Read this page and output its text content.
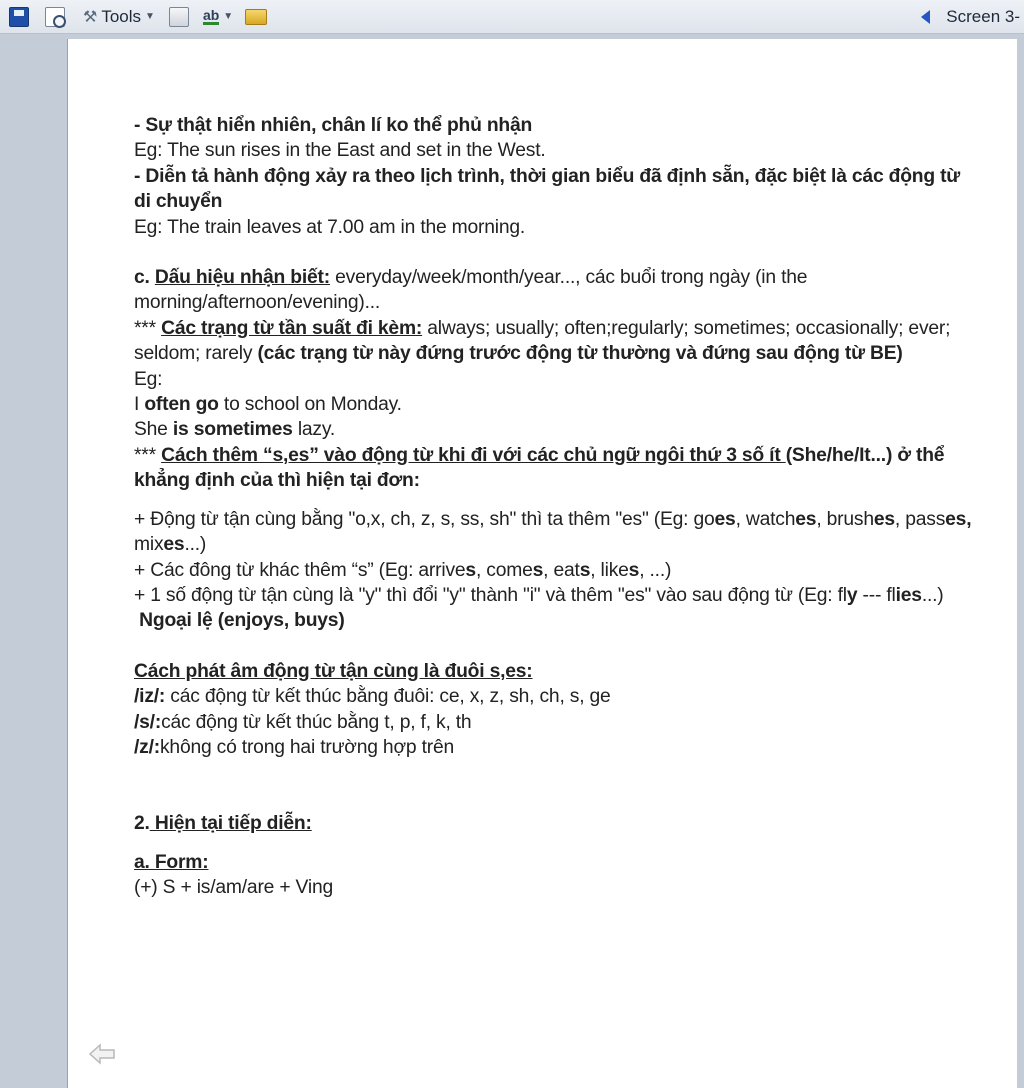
⚒ Tools ▼	ab ▼	Screen 3-

- Sự thật hiển nhiên, chân lí ko thể phủ nhận

Eg: The sun rises in the East and set in the West.

- Diễn tả hành động xảy ra theo lịch trình, thời gian biểu đã định sẵn, đặc biệt là các động từ di chuyển

Eg: The train leaves at 7.00 am in the morning.

c. Dấu hiệu nhận biết: everyday/week/month/year..., các buổi trong ngày (in the morning/afternoon/evening)...

*** Các trạng từ tần suất đi kèm: always; usually; often;regularly; sometimes; occasionally; ever; seldom; rarely (các trạng từ này đứng trước động từ thường và đứng sau động từ BE)

Eg:

I often go to school on Monday.

She is sometimes lazy.

*** Cách thêm “s,es” vào động từ khi đi với các chủ ngữ ngôi thứ 3 số ít (She/he/It...) ở thể khẳng định của thì hiện tại đơn:

+ Động từ tận cùng bằng "o,x, ch, z, s, ss, sh" thì ta thêm "es" (Eg: goes, watches, brushes, passes, mixes...)

+ Các đông từ khác thêm “s” (Eg: arrives, comes, eats, likes, ...)

+ 1 số động từ tận cùng là "y" thì đổi "y" thành "i" và thêm "es" vào sau động từ (Eg: fly --- flies...)

Ngoại lệ (enjoys, buys)

Cách phát âm động từ tận cùng là đuôi s,es:

/iz/: các động từ kết thúc bằng đuôi: ce, x, z, sh, ch, s, ge

/s/:các động từ kết thúc bằng t, p, f, k, th

/z/:không có trong hai trường hợp trên

2. Hiện tại tiếp diễn:

a. Form:

(+) S + is/am/are + Ving
